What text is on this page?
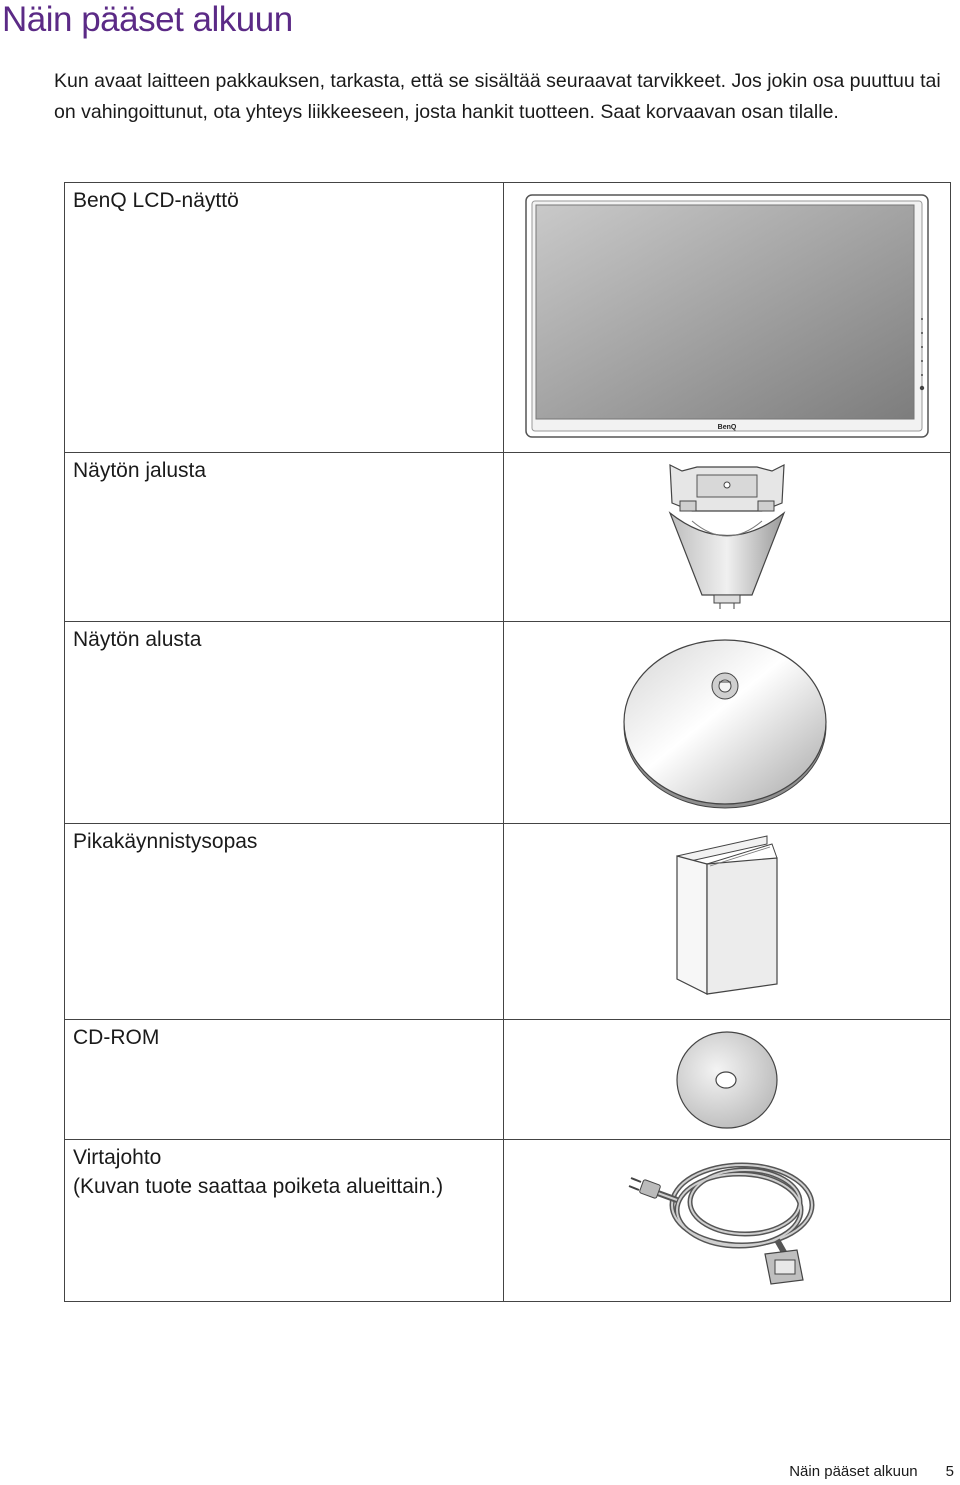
Näin pääset alkuun
Kun avaat laitteen pakkauksen, tarkasta, että se sisältää seuraavat tarvikkeet. Jos jokin osa puuttuu tai on vahingoittunut, ota yhteys liikkeeseen, josta hankit tuotteen. Saat korvaavan osan tilalle.
BenQ LCD-näyttö	BenQ

Näytön jalusta

Näytön alusta

Pikakäynnistysopas

CD-ROM

Virtajohto
(Kuvan tuote saattaa poiketa alueittain.)

Näin pääset alkuun 5
